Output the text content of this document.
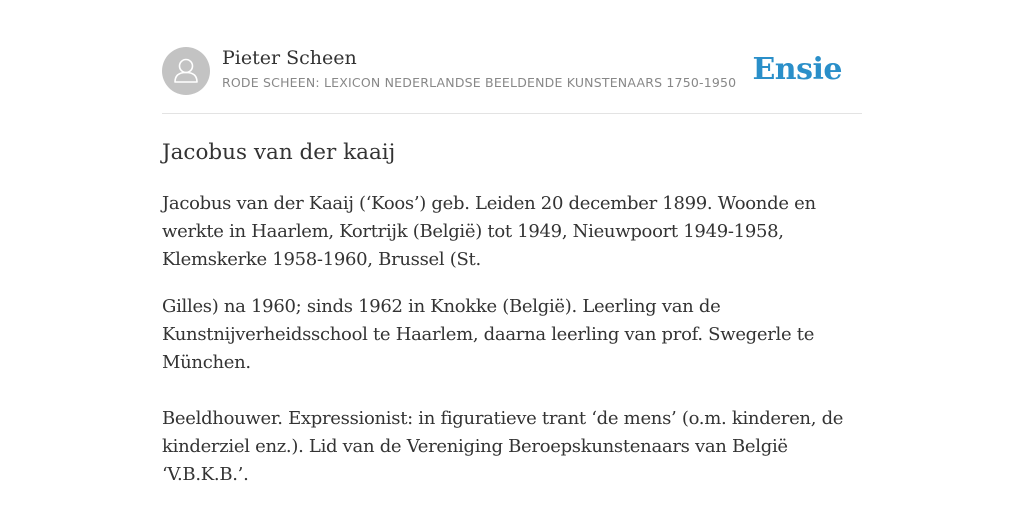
Pieter Scheen
RODE SCHEEN: LEXICON NEDERLANDSE BEELDENDE KUNSTENAARS 1750-1950 Ensie
Jacobus van der kaaij

Jacobus van der Kaaij (‘Koos’) geb. Leiden 20 december 1899. Woonde en werkte in Haarlem, Kortrijk (België) tot 1949, Nieuwpoort 1949-1958, Klemskerke 1958-1960, Brussel (St.

Gilles) na 1960; sinds 1962 in Knokke (België). Leerling van de Kunstnijverheidsschool te Haarlem, daarna leerling van prof. Swegerle te München.

Beeldhouwer. Expressionist: in figuratieve trant ‘de mens’ (o.m. kinderen, de kinderziel enz.). Lid van de Vereniging Beroepskunstenaars van België ‘V.B.K.B.’.
